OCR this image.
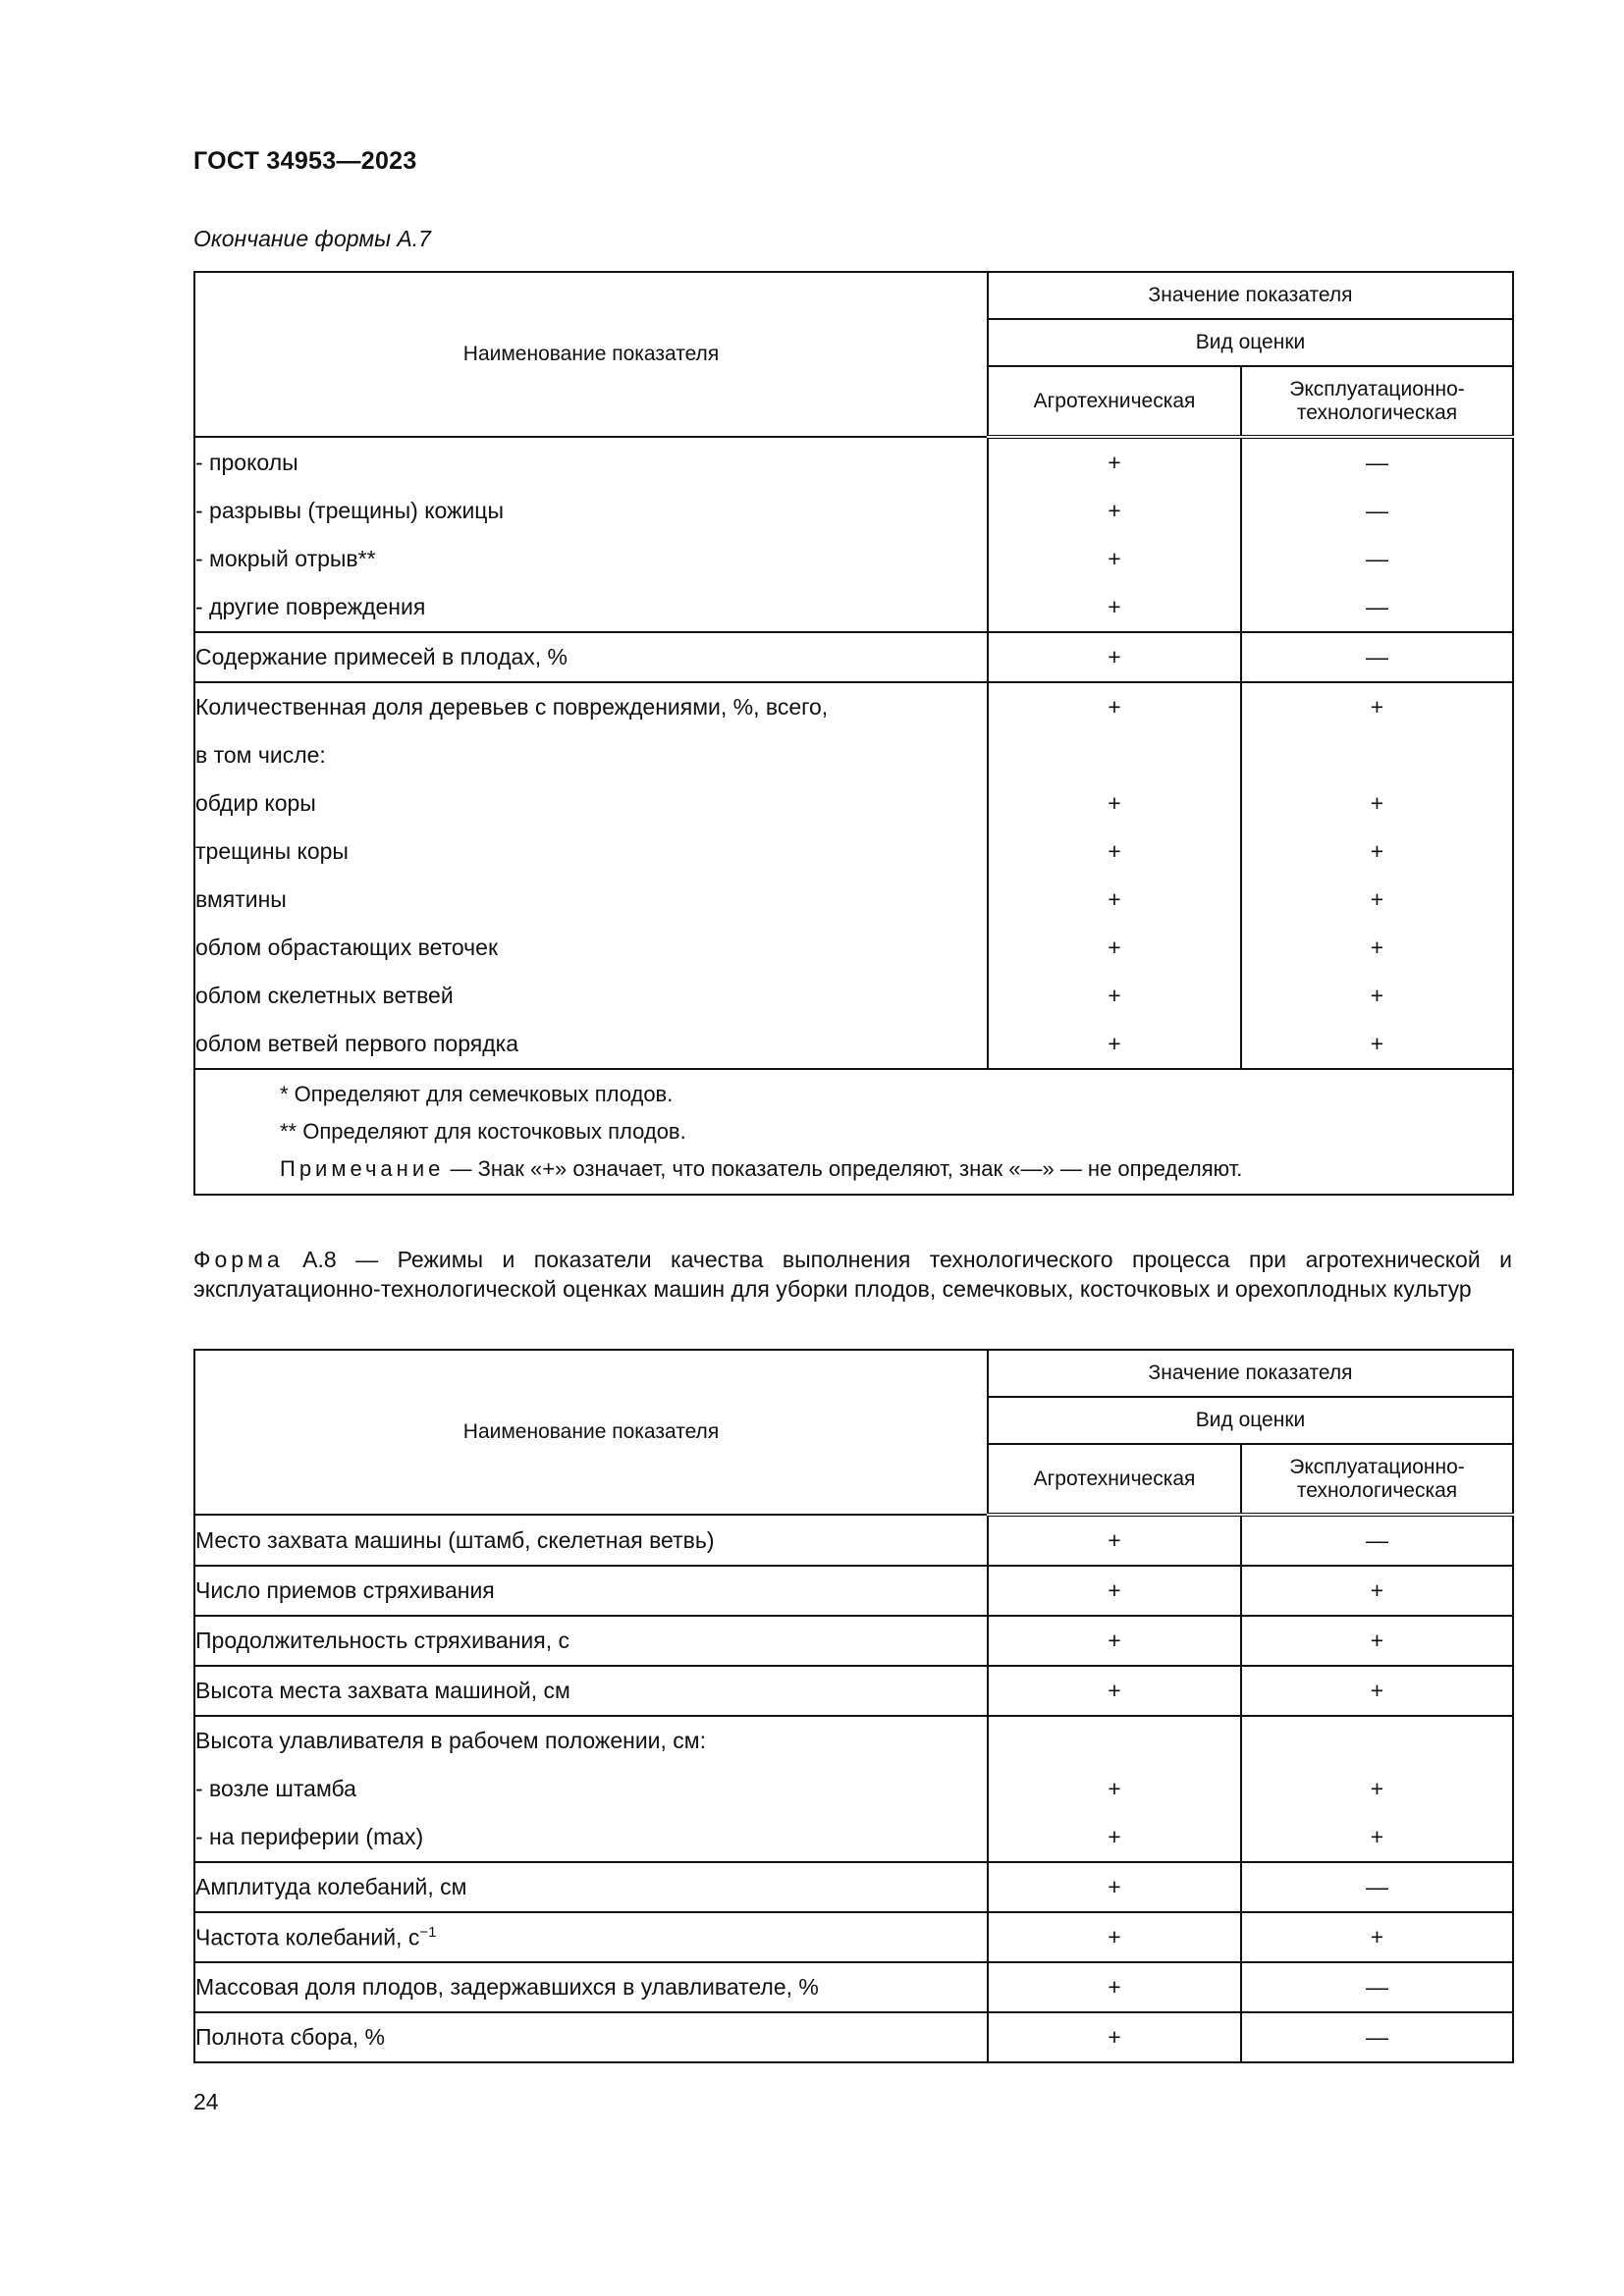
ГОСТ 34953—2023
Окончание формы А.7
Наименование показателя	Значение показателя	
	Вид оценки	
	Агротехническая	Эксплуатационно-
технологическая
- проколы	+	—
- разрывы (трещины) кожицы	+	—
- мокрый отрыв**	+	—
- другие повреждения	+	—
Содержание примесей в плодах, %	+	—
Количественная доля деревьев с повреждениями, %, всего,	+	+
в том числе:		
обдир коры	+	+
трещины коры	+	+
вмятины	+	+
облом обрастающих веточек	+	+
облом скелетных ветвей	+	+
облом ветвей первого порядка	+	+

* Определяют для семечковых плодов.
** Определяют для косточковых плодов.
Примечание — Знак «+» означает, что показатель определяют, знак «—» — не определяют.		
Форма А.8 — Режимы и показатели качества выполнения технологического процесса при агротехнической и эксплуатационно-технологической оценках машин для уборки плодов, семечковых, косточковых и орехоплодных культур
Наименование показателя	Значение показателя	
	Вид оценки	
	Агротехническая	Эксплуатационно-
технологическая
Место захвата машины (штамб, скелетная ветвь)	+	—
Число приемов стряхивания	+	+
Продолжительность стряхивания, с	+	+
Высота места захвата машиной, см	+	+
Высота улавливателя в рабочем положении, см:		
- возле штамба	+	+
- на периферии (max)	+	+
Амплитуда колебаний, см	+	—
Частота колебаний, $с^{-1}$	+	+
Массовая доля плодов, задержавшихся в улавливателе, %	+	—
Полнота сбора, %	+	—
24
